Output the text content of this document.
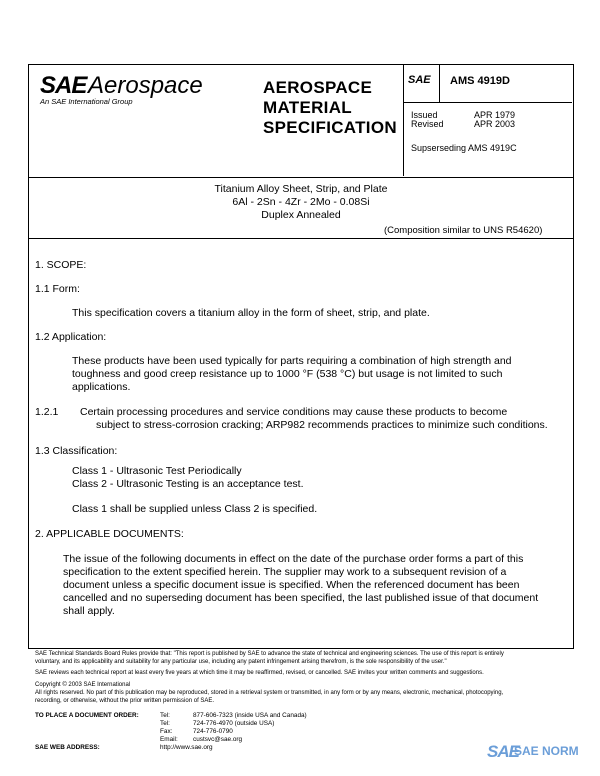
SAE Aerospace
An SAE International Group
AEROSPACE
MATERIAL
SPECIFICATION
SAE AMS 4919D
Issued	APR 1979
Revised	APR 2003
Supserseding AMS 4919C
Titanium Alloy Sheet, Strip, and Plate
6Al - 2Sn - 4Zr - 2Mo - 0.08Si
Duplex Annealed
(Composition similar to UNS R54620)
1. SCOPE:
1.1 Form:
This specification covers a titanium alloy in the form of sheet, strip, and plate.
1.2 Application:
These products have been used typically for parts requiring a combination of high strength and
toughness and good creep resistance up to 1000 °F (538 °C) but usage is not limited to such
applications.
1.2.1 Certain processing procedures and service conditions may cause these products to become
subject to stress-corrosion cracking; ARP982 recommends practices to minimize such conditions.
1.3 Classification:
Class 1 - Ultrasonic Test Periodically
Class 2 - Ultrasonic Testing is an acceptance test.
Class 1 shall be supplied unless Class 2 is specified.
2. APPLICABLE DOCUMENTS:
The issue of the following documents in effect on the date of the purchase order forms a part of this
specification to the extent specified herein. The supplier may work to a subsequent revision of a
document unless a specific document issue is specified. When the referenced document has been
cancelled and no superseding document has been specified, the last published issue of that document
shall apply.
SAE Technical Standards Board Rules provide that: "This report is published by SAE to advance the state of technical and engineering sciences. The use of this report is entirely
voluntary, and its applicability and suitability for any particular use, including any patent infringement arising therefrom, is the sole responsibility of the user."
SAE reviews each technical report at least every five years at which time it may be reaffirmed, revised, or cancelled. SAE invites your written comments and suggestions.
Copyright © 2003 SAE International
All rights reserved. No part of this publication may be reproduced, stored in a retrieval system or transmitted, in any form or by any means, electronic, mechanical, photocopying,
recording, or otherwise, without the prior written permission of SAE.
TO PLACE A DOCUMENT ORDER:
SAE WEB ADDRESS:
Tel:	877-606-7323 (inside USA and Canada)
Tel:	724-776-4970 (outside USA)
Fax:	724-776-0790
Email: custsvc@sae.org
http://www.sae.org	SAE
SAE NORM
